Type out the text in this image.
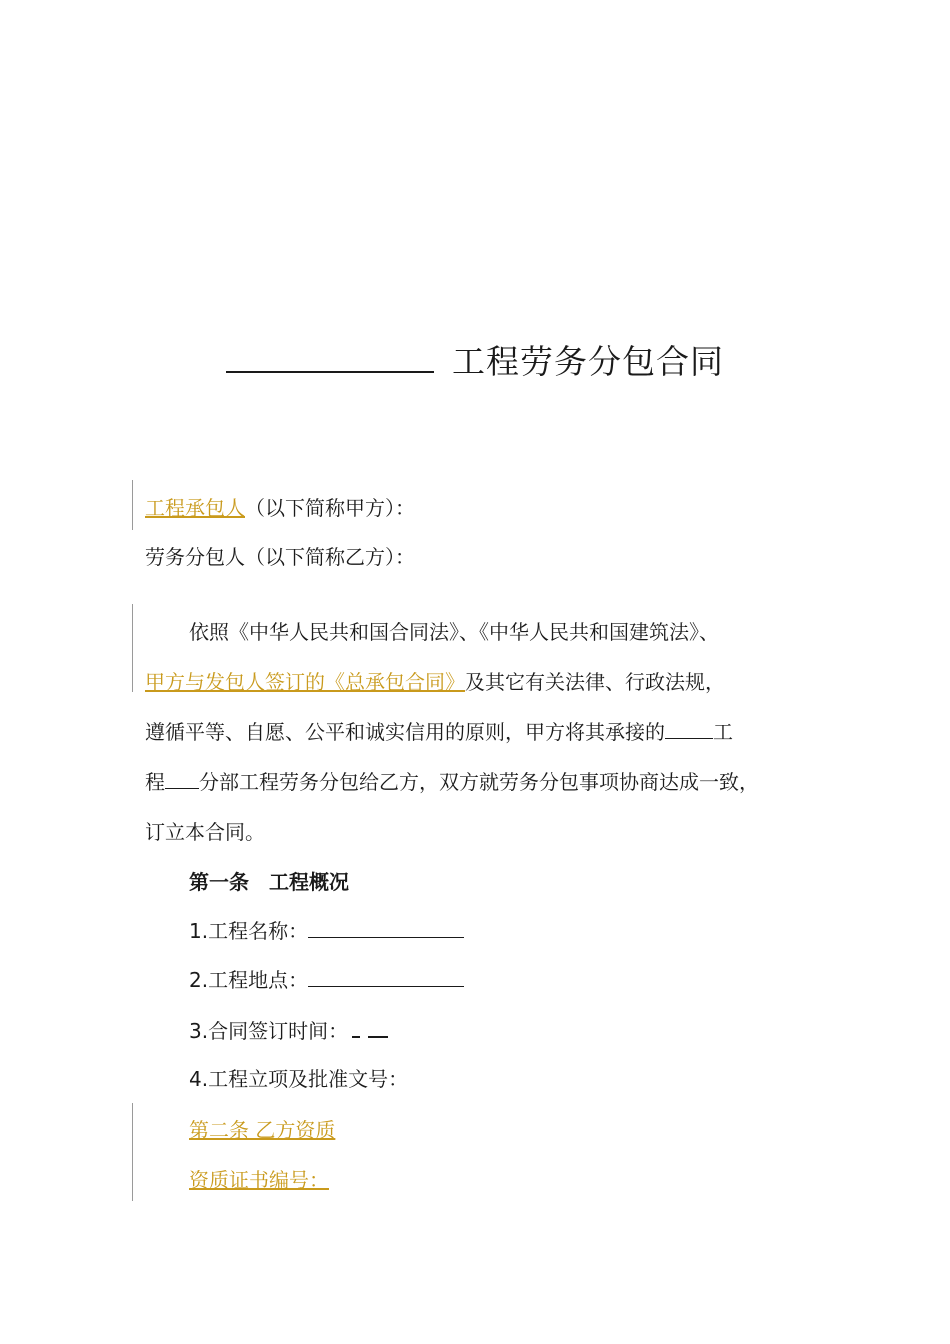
工程劳务分包合同
工程承包人（以下简称甲方）：
劳务分包人（以下简称乙方）：
依照《中华人民共和国合同法》、《中华人民共和国建筑法》、
甲方与发包人签订的《总承包合同》及其它有关法律、行政法规，
遵循平等、自愿、公平和诚实信用的原则，甲方将其承接的 工
程 分部工程劳务分包给乙方，双方就劳务分包事项协商达成一致，
订立本合同。
第一条　工程概况
1.工程名称：
2.工程地点：
3.合同签订时间：
4.工程立项及批准文号：
第二条 乙方资质
资质证书编号：
